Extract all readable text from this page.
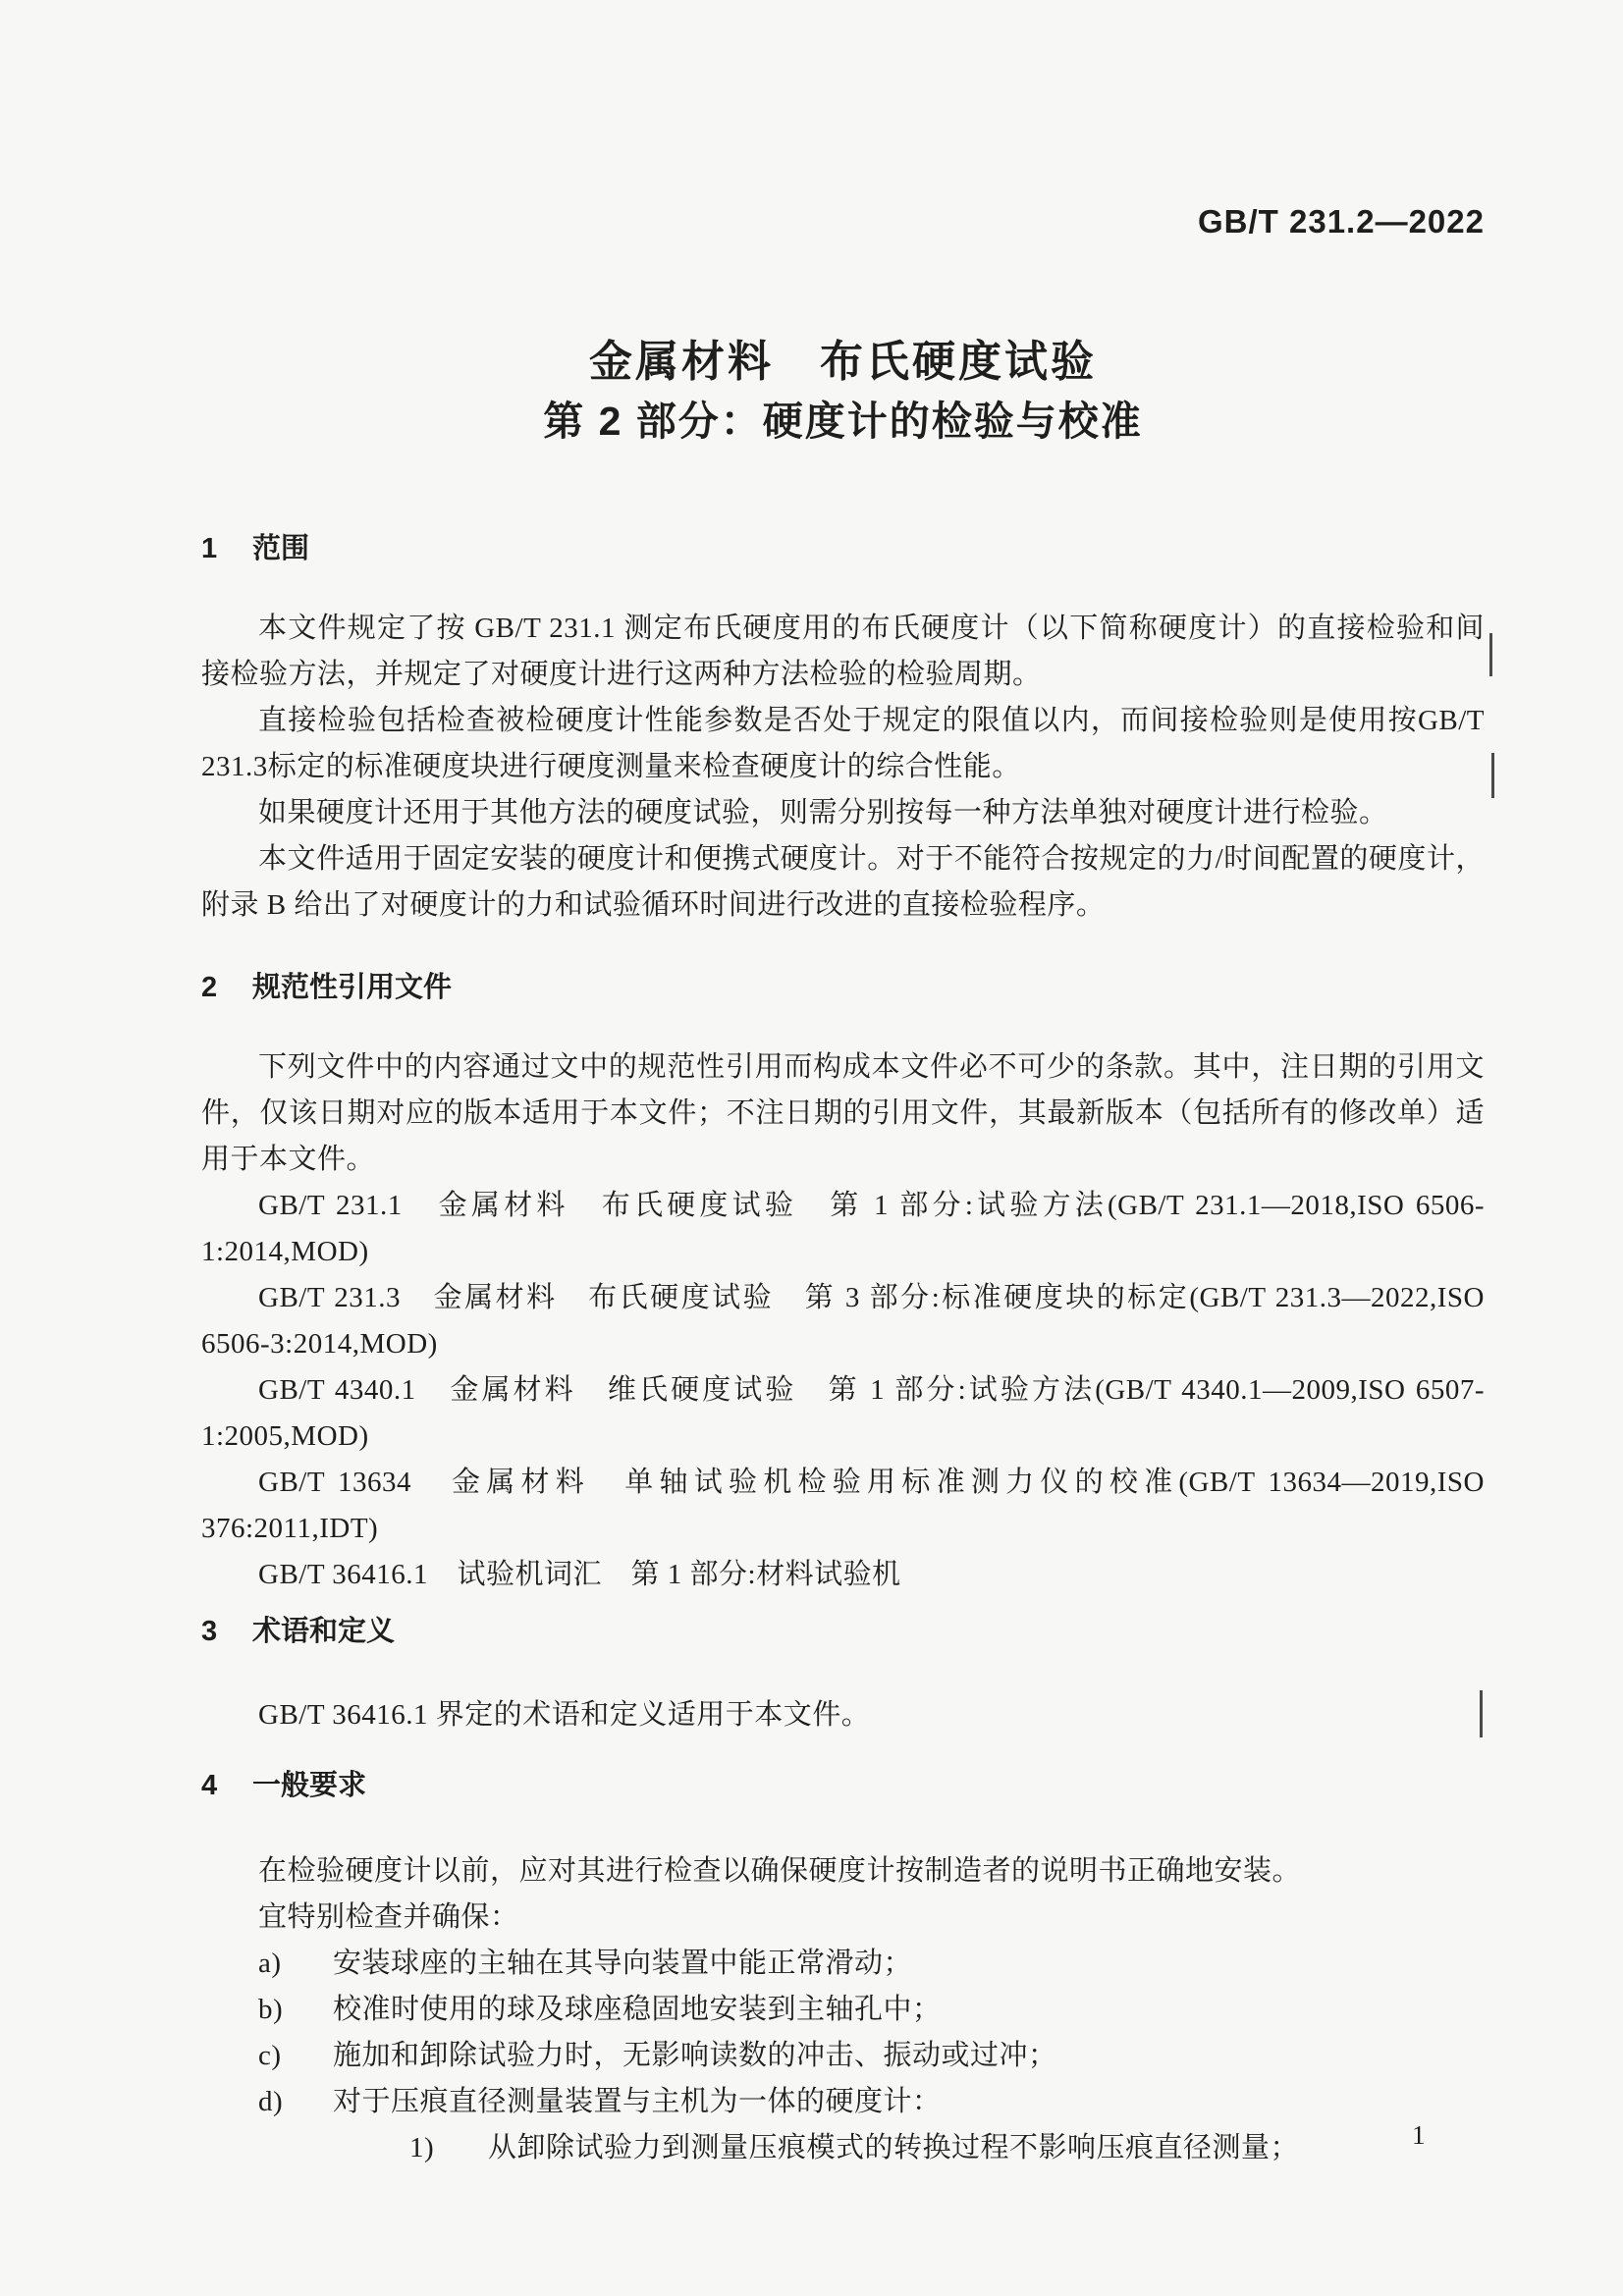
GB/T 231.2—2022
金属材料　布氏硬度试验
第 2 部分：硬度计的检验与校准
1 范围

本文件规定了按 GB/T 231.1 测定布氏硬度用的布氏硬度计（以下简称硬度计）的直接检验和间接检验方法，并规定了对硬度计进行这两种方法检验的检验周期。

直接检验包括检查被检硬度计性能参数是否处于规定的限值以内，而间接检验则是使用按GB/T 231.3标定的标准硬度块进行硬度测量来检查硬度计的综合性能。

如果硬度计还用于其他方法的硬度试验，则需分别按每一种方法单独对硬度计进行检验。

本文件适用于固定安装的硬度计和便携式硬度计。对于不能符合按规定的力/时间配置的硬度计，附录 B 给出了对硬度计的力和试验循环时间进行改进的直接检验程序。

2 规范性引用文件

下列文件中的内容通过文中的规范性引用而构成本文件必不可少的条款。其中，注日期的引用文件，仅该日期对应的版本适用于本文件；不注日期的引用文件，其最新版本（包括所有的修改单）适用于本文件。

GB/T 231.1　金属材料　布氏硬度试验　第 1 部分:试验方法(GB/T 231.1—2018,ISO 6506-1:2014,MOD)

GB/T 231.3　金属材料　布氏硬度试验　第 3 部分:标准硬度块的标定(GB/T 231.3—2022,ISO 6506-3:2014,MOD)

GB/T 4340.1　金属材料　维氏硬度试验　第 1 部分:试验方法(GB/T 4340.1—2009,ISO 6507-1:2005,MOD)

GB/T 13634　金属材料　单轴试验机检验用标准测力仪的校准(GB/T 13634—2019,ISO 376:2011,IDT)

GB/T 36416.1　试验机词汇　第 1 部分:材料试验机

3 术语和定义

GB/T 36416.1 界定的术语和定义适用于本文件。

4 一般要求

在检验硬度计以前，应对其进行检查以确保硬度计按制造者的说明书正确地安装。

宜特别检查并确保：

a)	安装球座的主轴在其导向装置中能正常滑动；
b)	校准时使用的球及球座稳固地安装到主轴孔中；
c)	施加和卸除试验力时，无影响读数的冲击、振动或过冲；
d)	对于压痕直径测量装置与主机为一体的硬度计：
1)	从卸除试验力到测量压痕模式的转换过程不影响压痕直径测量；	1
